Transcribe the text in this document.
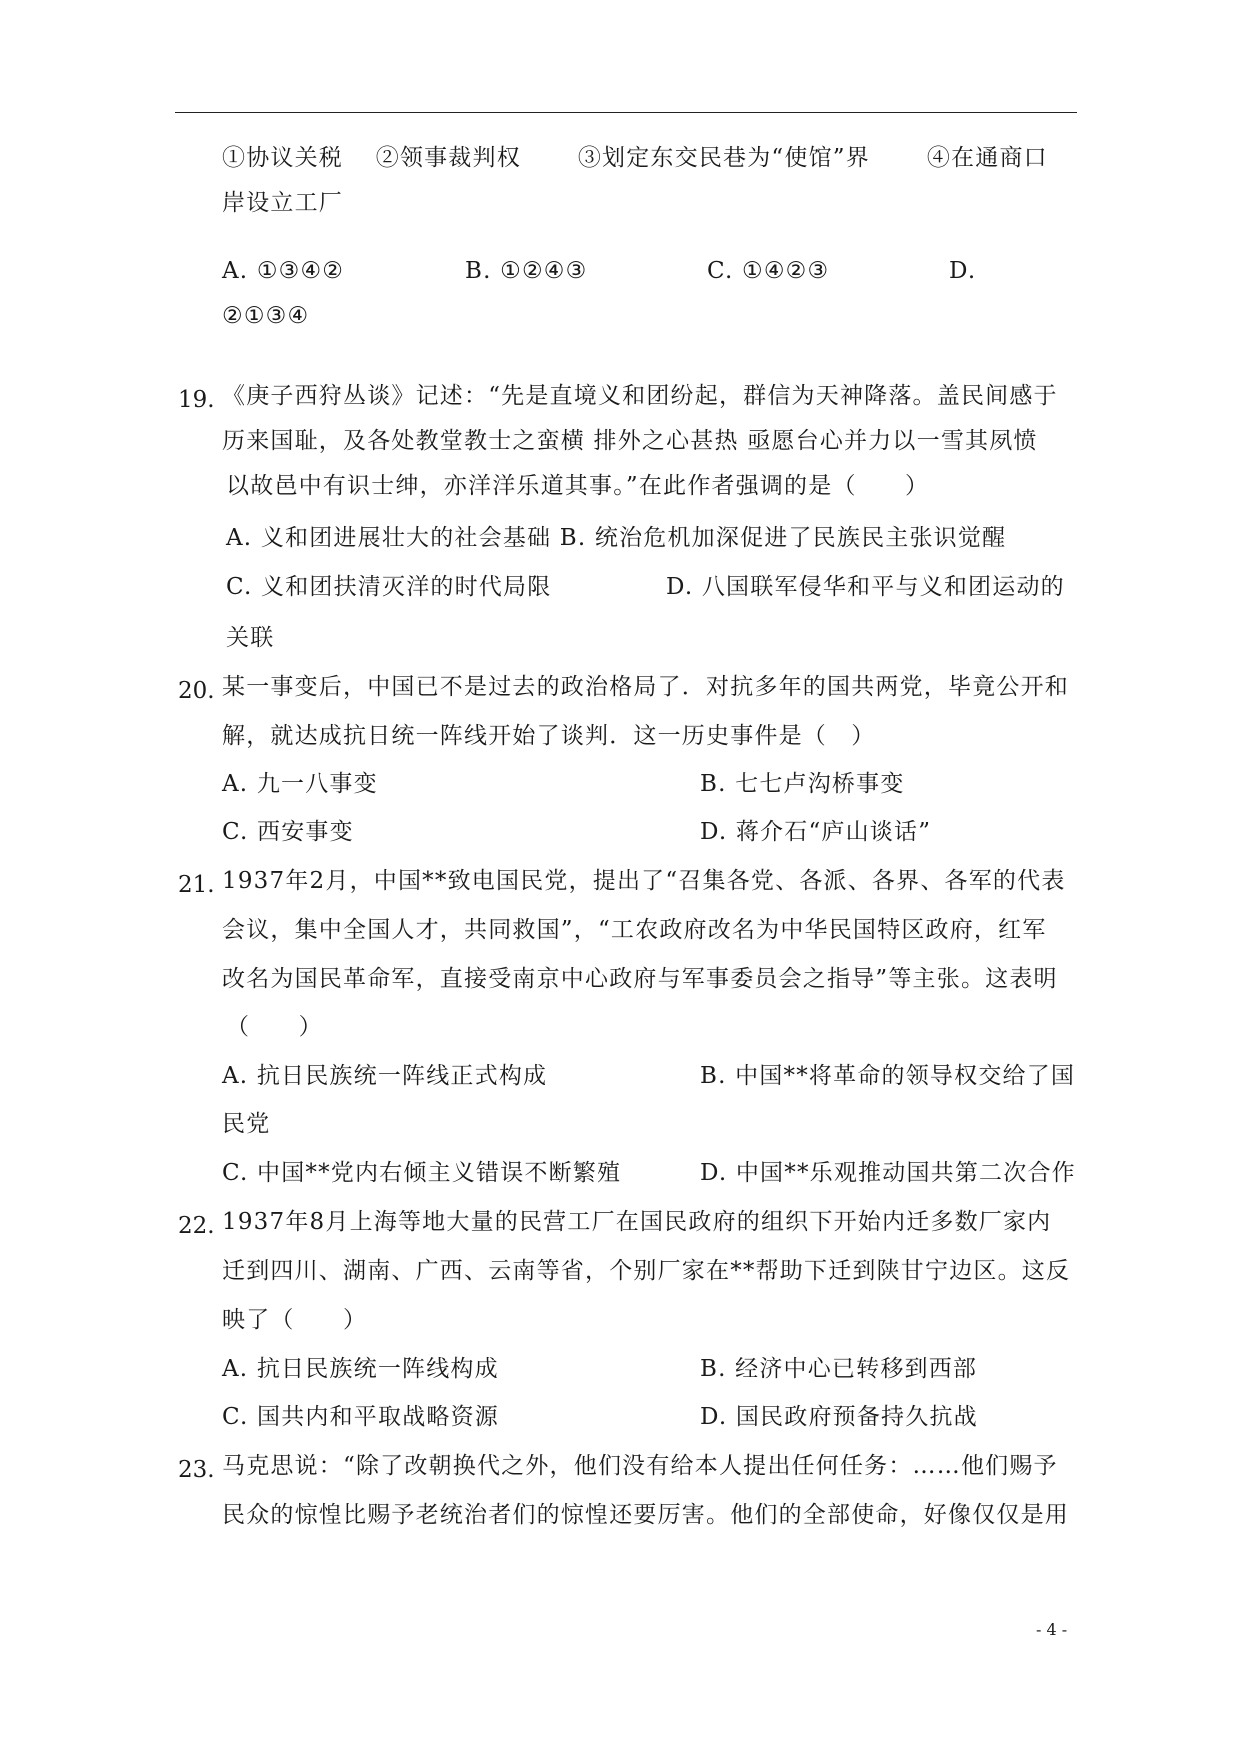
①协议关税 　②领事裁判权 　　③划定东交民巷为“使馆”界 　　④在通商口
岸设立工厂
A. ①③④②	B. ①②④③	C. ①④②③	D.
②①③④
19. 《庚子西狩丛谈》记述：“先是直境义和团纷起，群信为天神降落。盖民间感于
历来国耻，及各处教堂教士之蛮横 排外之心甚热 亟愿台心并力以一雪其夙愤
以故邑中有识士绅，亦洋洋乐道其事。”在此作者强调的是（　　）
A. 义和团进展壮大的社会基础 B. 统治危机加深促进了民族民主张识觉醒
C. 义和团扶清灭洋的时代局限	D. 八国联军侵华和平与义和团运动的
关联
20. 某一事变后，中国已不是过去的政治格局了．对抗多年的国共两党，毕竟公开和
解，就达成抗日统一阵线开始了谈判．这一历史事件是（　）
A. 九一八事变	B. 七七卢沟桥事变
C. 西安事变	D. 蒋介石“庐山谈话”
21. 1937年2月，中国**致电国民党，提出了“召集各党、各派、各界、各军的代表
会议，集中全国人才，共同救国”，“工农政府改名为中华民国特区政府，红军
改名为国民革命军，直接受南京中心政府与军事委员会之指导”等主张。这表明
（　　）
A. 抗日民族统一阵线正式构成	B. 中国**将革命的领导权交给了国
民党
C. 中国**党内右倾主义错误不断繁殖	D. 中国**乐观推动国共第二次合作
22. 1937年8月上海等地大量的民营工厂在国民政府的组织下开始内迁多数厂家内
迁到四川、湖南、广西、云南等省，个别厂家在**帮助下迁到陕甘宁边区。这反
映了（　　）
A. 抗日民族统一阵线构成	B. 经济中心已转移到西部
C. 国共内和平取战略资源	D. 国民政府预备持久抗战
23. 马克思说：“除了改朝换代之外，他们没有给本人提出任何任务：……他们赐予
民众的惊惶比赐予老统治者们的惊惶还要厉害。他们的全部使命，好像仅仅是用
- 4 -
